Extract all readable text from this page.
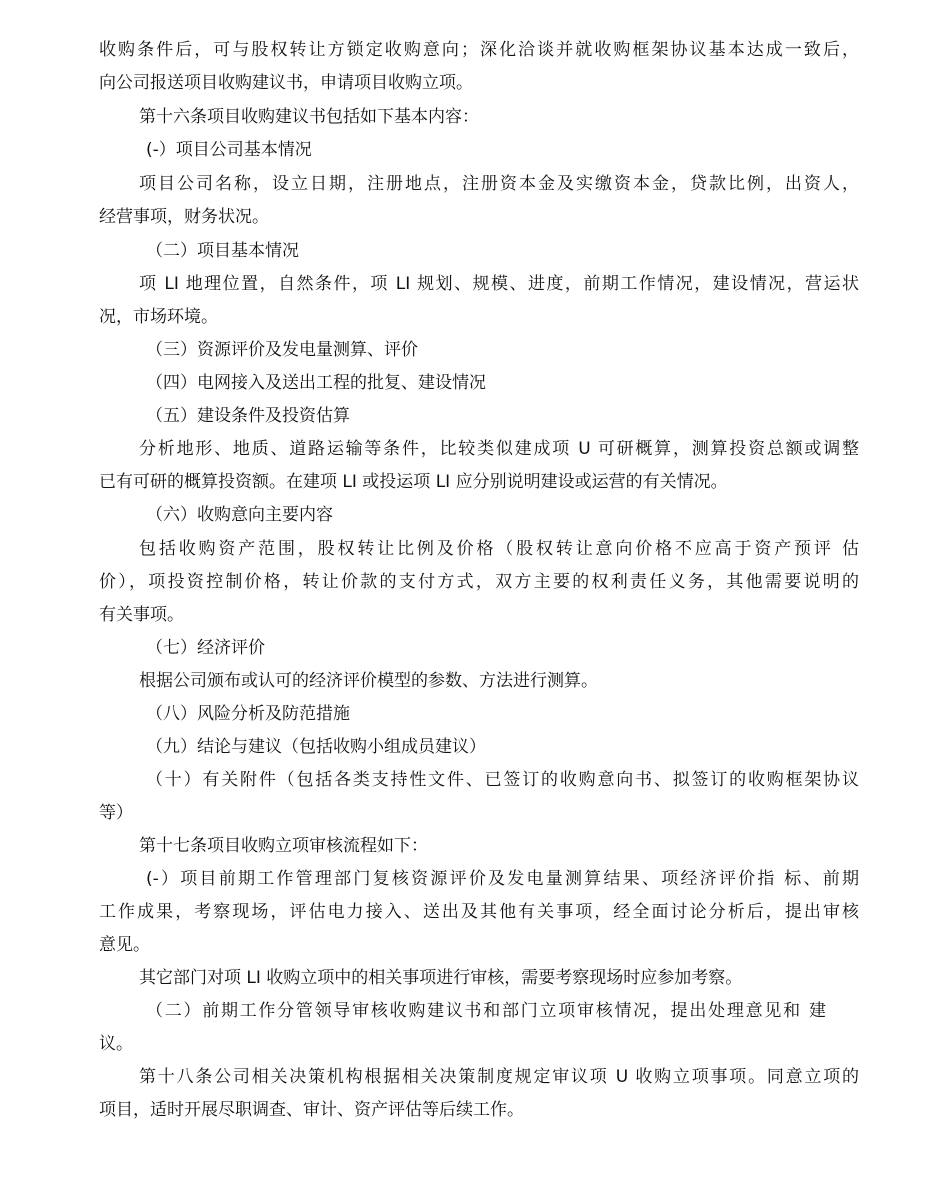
收购条件后，可与股权转让方锁定收购意向；深化洽谈并就收购框架协议基本达成一致后，
向公司报送项目收购建议书，申请项目收购立项。
第十六条项目收购建议书包括如下基本内容：
(-）项目公司基本情况
项目公司名称，设立日期，注册地点，注册资本金及实缴资本金，贷款比例，出资人，
经营事项，财务状况。
（二）项目基本情况
项 LI 地理位置，自然条件，项 LI 规划、规模、进度，前期工作情况，建设情况，营运状
况，市场环境。
（三）资源评价及发电量测算、评价
（四）电网接入及送出工程的批复、建设情况
（五）建设条件及投资估算
分析地形、地质、道路运输等条件，比较类似建成项 U 可研概算，测算投资总额或调整
已有可研的概算投资额。在建项 LI 或投运项 LI 应分别说明建设或运营的有关情况。
（六）收购意向主要内容
包括收购资产范围，股权转让比例及价格（股权转让意向价格不应高于资产预评 估
价），项投资控制价格，转让价款的支付方式，双方主要的权利责任义务，其他需要说明的
有关事项。
（七）经济评价
根据公司颁布或认可的经济评价模型的参数、方法进行测算。
（八）风险分析及防范措施
（九）结论与建议（包括收购小组成员建议）
（十）有关附件（包括各类支持性文件、已签订的收购意向书、拟签订的收购框架协议
等）
第十七条项目收购立项审核流程如下：
(-）项目前期工作管理部门复核资源评价及发电量测算结果、项经济评价指 标、前期
工作成果，考察现场，评估电力接入、送出及其他有关事项，经全面讨论分析后，提出审核
意见。
其它部门对项 LI 收购立项中的相关事项进行审核，需要考察现场时应参加考察。
（二）前期工作分管领导审核收购建议书和部门立项审核情况，提出处理意见和 建
议。
第十八条公司相关决策机构根据相关决策制度规定审议项 U 收购立项事项。同意立项的
项目，适时开展尽职调查、审计、资产评估等后续工作。
